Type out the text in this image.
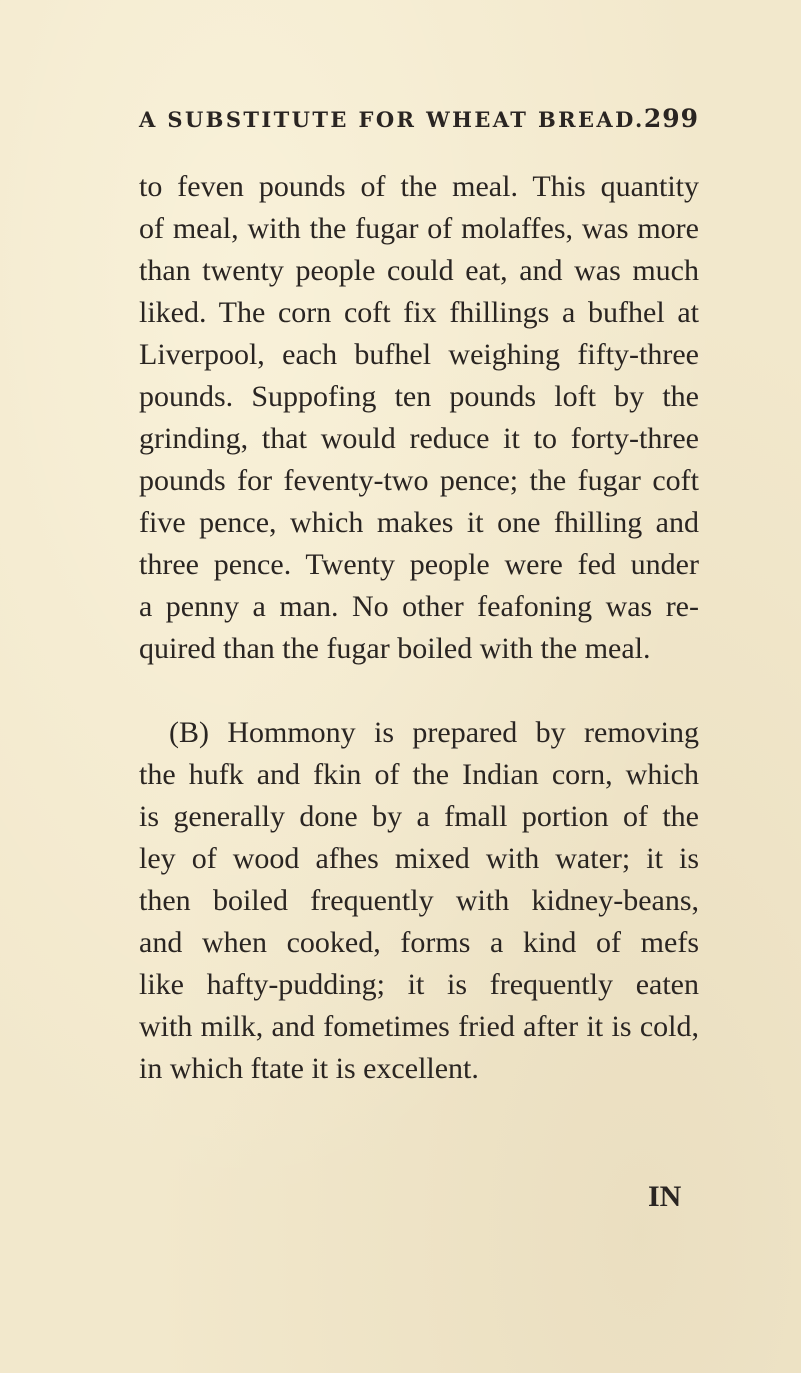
A SUBSTITUTE FOR WHEAT BREAD. 299
to feven pounds of the meal. This quantity
of meal, with the fugar of molaffes, was more
than twenty people could eat, and was much
liked. The corn coft fix fhillings a bufhel at
Liverpool, each bufhel weighing fifty-three
pounds. Suppofing ten pounds loft by the
grinding, that would reduce it to forty-three
pounds for feventy-two pence; the fugar coft
five pence, which makes it one fhilling and
three pence. Twenty people were fed under
a penny a man. No other feafoning was re-
quired than the fugar boiled with the meal.
(B) Hommony is prepared by removing
the hufk and fkin of the Indian corn, which
is generally done by a fmall portion of the
ley of wood afhes mixed with water; it is
then boiled frequently with kidney-beans,
and when cooked, forms a kind of mefs
like hafty-pudding; it is frequently eaten
with milk, and fometimes fried after it is cold,
in which ftate it is excellent.
IN
